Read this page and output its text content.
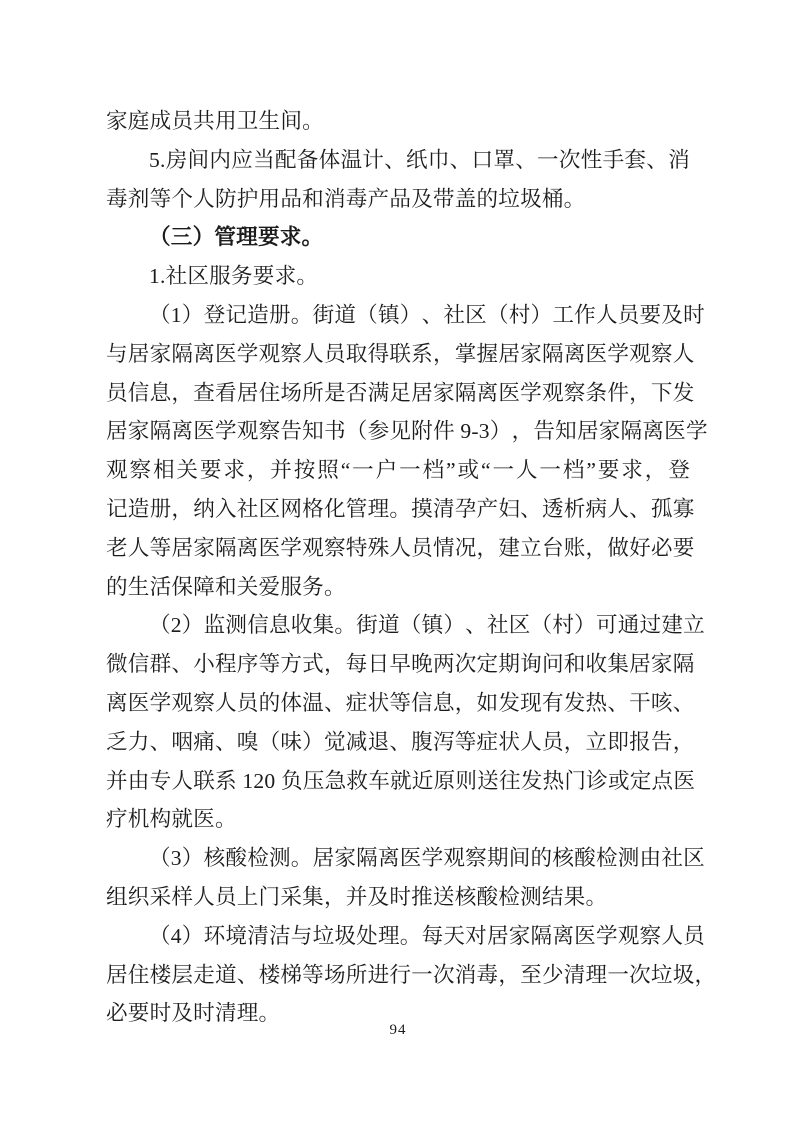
家庭成员共用卫生间。
5 . 房 间 内 应 当 配 备 体 温 计 、 纸 巾 、 口 罩 、 一 次 性 手 套 、 消
毒剂等个人防护用品和消毒产品及带盖的垃圾桶。
（三）管理要求。
1.社区服务要求。
（ 1 ） 登 记 造 册 。 街 道 （ 镇 ） 、 社 区 （ 村 ） 工 作 人 员 要 及 时
与 居 家 隔 离 医 学 观 察 人 员 取 得 联 系 ， 掌 握 居 家 隔 离 医 学 观 察 人
员 信 息 ， 查 看 居 住 场 所 是 否 满 足 居 家 隔 离 医 学 观 察 条 件 ， 下 发
居 家 隔 离 医 学 观 察 告 知 书 （ 参 见 附 件
9 - 3 ） ， 告 知 居 家 隔 离 医 学
观 察 相 关 要 求 ， 并 按 照 “ 一 户 一 档 ” 或 “ 一 人 一 档 ” 要 求 ， 登
记 造 册 ， 纳 入 社 区 网 格 化 管 理 。 摸 清 孕 产 妇 、 透 析 病 人 、 孤 寡
老 人 等 居 家 隔 离 医 学 观 察 特 殊 人 员 情 况 ， 建 立 台 账 ， 做 好 必 要
的生活保障和关爱服务。
（ 2 ） 监 测 信 息 收 集 。 街 道 （ 镇 ） 、 社 区 （ 村 ） 可 通 过 建 立
微 信 群 、 小 程 序 等 方 式 ， 每 日 早 晚 两 次 定 期 询 问 和 收 集 居 家 隔
离 医 学 观 察 人 员 的 体 温 、 症 状 等 信 息 ， 如 发 现 有 发 热 、 干 咳 、
乏 力 、 咽 痛 、 嗅 （ 味 ） 觉 减 退 、 腹 泻 等 症 状 人 员 ， 立 即 报 告 ，
并 由 专 人 联 系
1 2 0
负 压 急 救 车 就 近 原 则 送 往 发 热 门 诊 或 定 点 医
疗机构就医。
（ 3 ） 核 酸 检 测 。 居 家 隔 离 医 学 观 察 期 间 的 核 酸 检 测 由 社 区
组织采样人员上门采集，并及时推送核酸检测结果。
（ 4 ） 环 境 清 洁 与 垃 圾 处 理 。 每 天 对 居 家 隔 离 医 学 观 察 人 员
居 住 楼 层 走 道 、 楼 梯 等 场 所 进 行 一 次 消 毒 ， 至 少 清 理 一 次 垃 圾 ，
必要时及时清理。
94
